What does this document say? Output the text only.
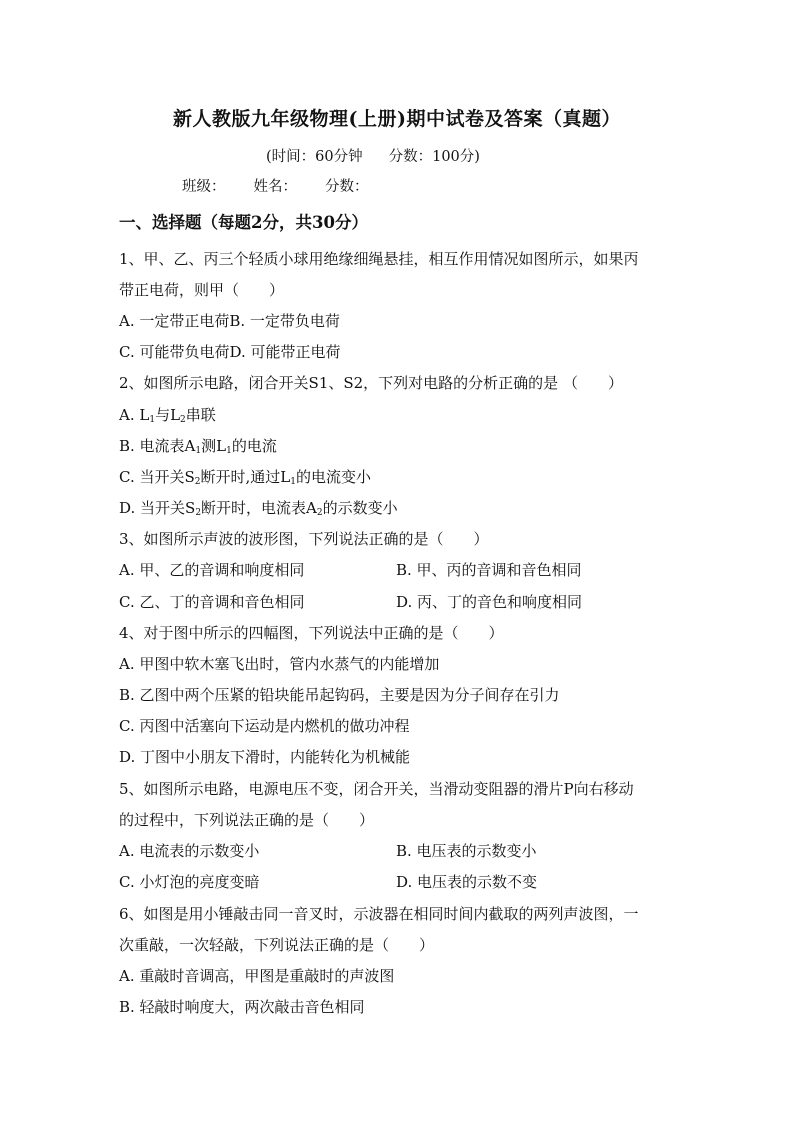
新人教版九年级物理(上册)期中试卷及答案（真题）
(时间：60分钟 分数：100分)
班级： 姓名： 分数：
一、选择题（每题2分，共30分）
1、甲、乙、丙三个轻质小球用绝缘细绳悬挂，相互作用情况如图所示，如果丙
带正电荷，则甲（　　）
A. 一定带正电荷B. 一定带负电荷
C. 可能带负电荷D. 可能带正电荷
2、如图所示电路，闭合开关S1、S2，下列对电路的分析正确的是 （　　）
A. $L_1$与$L_2$串联
B. 电流表$A_1$测$L_1$的电流
C. 当开关$S_2$断开时,通过$L_1$的电流变小
D. 当开关$S_2$断开时，电流表$A_2$的示数变小
3、如图所示声波的波形图，下列说法正确的是（　　）
A. 甲、乙的音调和响度相同	B. 甲、丙的音调和音色相同
C. 乙、丁的音调和音色相同	D. 丙、丁的音色和响度相同
4、对于图中所示的四幅图，下列说法中正确的是（　　）
A. 甲图中软木塞飞出时，管内水蒸气的内能增加
B. 乙图中两个压紧的铅块能吊起钩码，主要是因为分子间存在引力
C. 丙图中活塞向下运动是内燃机的做功冲程
D. 丁图中小朋友下滑时，内能转化为机械能
5、如图所示电路，电源电压不变，闭合开关，当滑动变阻器的滑片P向右移动
的过程中，下列说法正确的是（　　）
A. 电流表的示数变小	B. 电压表的示数变小
C. 小灯泡的亮度变暗	D. 电压表的示数不变
6、如图是用小锤敲击同一音叉时，示波器在相同时间内截取的两列声波图，一
次重敲，一次轻敲，下列说法正确的是（　　）
A. 重敲时音调高，甲图是重敲时的声波图
B. 轻敲时响度大，两次敲击音色相同
